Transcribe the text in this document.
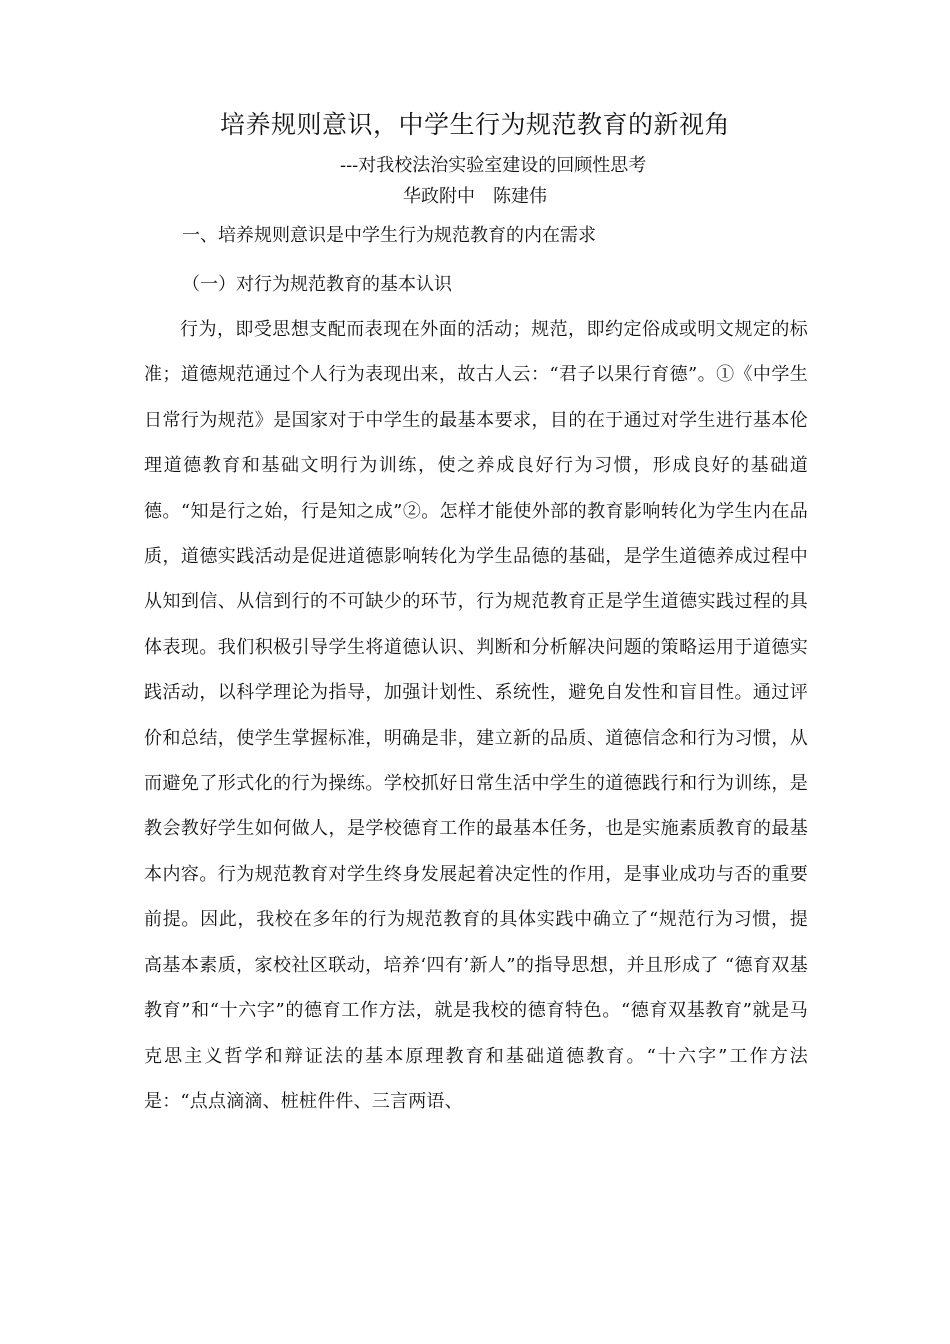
培养规则意识，中学生行为规范教育的新视角
---对我校法治实验室建设的回顾性思考
华政附中　陈建伟
一、培养规则意识是中学生行为规范教育的内在需求
（一）对行为规范教育的基本认识
行为，即受思想支配而表现在外面的活动；规范，即约定俗成或明文规定的标准；道德规范通过个人行为表现出来，故古人云：“君子以果行育德”。①《中学生日常行为规范》是国家对于中学生的最基本要求，目的在于通过对学生进行基本伦理道德教育和基础文明行为训练，使之养成良好行为习惯，形成良好的基础道德。“知是行之始，行是知之成”②。怎样才能使外部的教育影响转化为学生内在品质，道德实践活动是促进道德影响转化为学生品德的基础，是学生道德养成过程中从知到信、从信到行的不可缺少的环节，行为规范教育正是学生道德实践过程的具体表现。我们积极引导学生将道德认识、判断和分析解决问题的策略运用于道德实践活动，以科学理论为指导，加强计划性、系统性，避免自发性和盲目性。通过评价和总结，使学生掌握标准，明确是非，建立新的品质、道德信念和行为习惯，从而避免了形式化的行为操练。学校抓好日常生活中学生的道德践行和行为训练，是教会教好学生如何做人，是学校德育工作的最基本任务，也是实施素质教育的最基本内容。行为规范教育对学生终身发展起着决定性的作用，是事业成功与否的重要前提。因此，我校在多年的行为规范教育的具体实践中确立了“规范行为习惯，提高基本素质，家校社区联动，培养‘四有’新人”的指导思想，并且形成了 “德育双基教育”和“十六字”的德育工作方法，就是我校的德育特色。“德育双基教育”就是马克思主义哲学和辩证法的基本原理教育和基础道德教育。“十六字”工作方法是：“点点滴滴、桩桩件件、三言两语、
